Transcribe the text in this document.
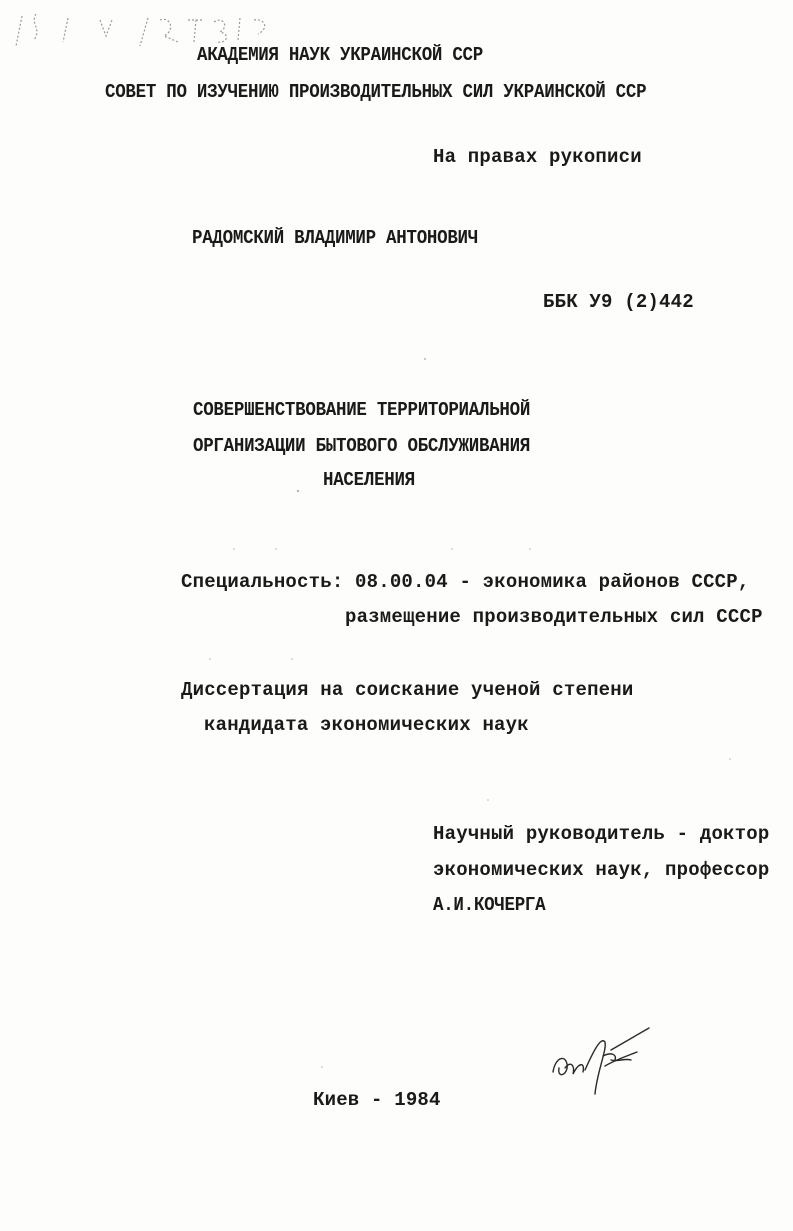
АКАДЕМИЯ НАУК УКРАИНСКОЙ ССР
СОВЕТ ПО ИЗУЧЕНИЮ ПРОИЗВОДИТЕЛЬНЫХ СИЛ УКРАИНСКОЙ ССР
На правах рукописи
РАДОМСКИЙ ВЛАДИМИР АНТОНОВИЧ
ББК У9 (2)442
СОВЕРШЕНСТВОВАНИЕ ТЕРРИТОРИАЛЬНОЙ
ОРГАНИЗАЦИИ БЫТОВОГО ОБСЛУЖИВАНИЯ
НАСЕЛЕНИЯ
Специальность: 08.00.04 - экономика районов СССР,
размещение производительных сил СССР
Диссертация на соискание ученой степени
кандидата экономических наук
Научный руководитель - доктор
экономических наук, профессор
А.И.КОЧЕРГА
Киев - 1984
